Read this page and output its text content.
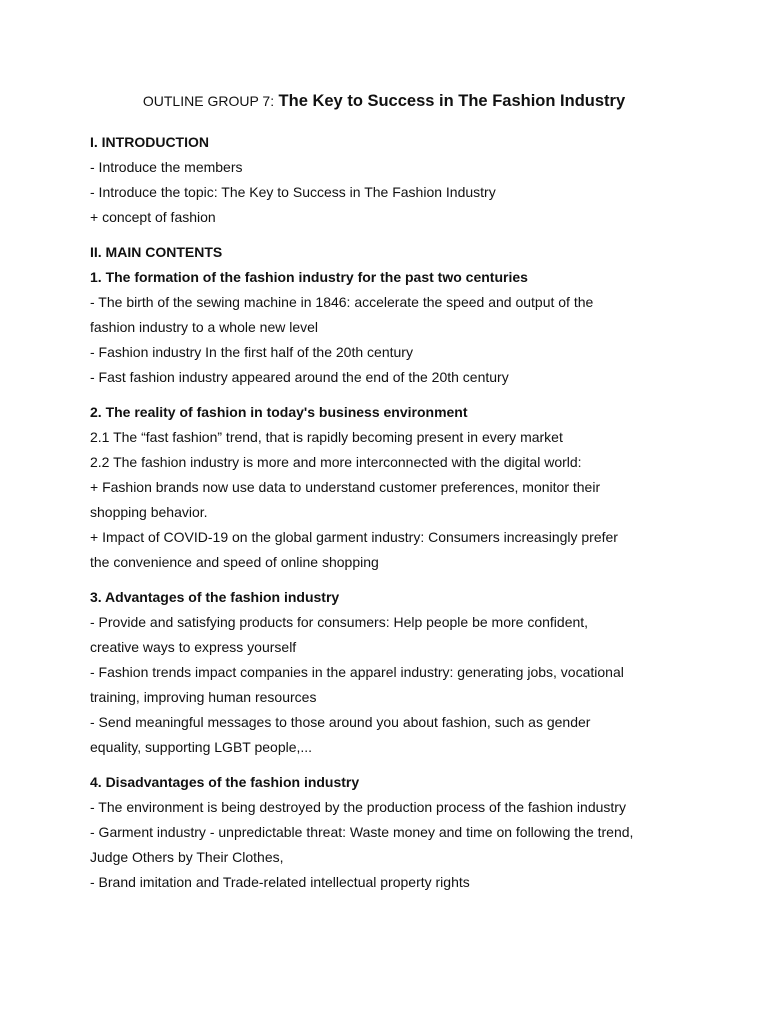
OUTLINE GROUP 7: The Key to Success in The Fashion Industry
I. INTRODUCTION
- Introduce the members
- Introduce the topic: The Key to Success in The Fashion Industry
+ concept of fashion
II. MAIN CONTENTS
1. The formation of the fashion industry for the past two centuries
- The birth of the sewing machine in 1846: accelerate the speed and output of the
fashion industry to a whole new level
- Fashion industry In the first half of the 20th century
- Fast fashion industry appeared around the end of the 20th century
2. The reality of fashion in today's business environment
2.1 The “fast fashion” trend, that is rapidly becoming present in every market
2.2 The fashion industry is more and more interconnected with the digital world:
+ Fashion brands now use data to understand customer preferences, monitor their
shopping behavior.
+ Impact of COVID-19 on the global garment industry: Consumers increasingly prefer
the convenience and speed of online shopping
3. Advantages of the fashion industry
- Provide and satisfying products for consumers: Help people be more confident,
creative ways to express yourself
- Fashion trends impact companies in the apparel industry: generating jobs, vocational
training, improving human resources
- Send meaningful messages to those around you about fashion, such as gender
equality, supporting LGBT people,...
4. Disadvantages of the fashion industry
- The environment is being destroyed by the production process of the fashion industry
- Garment industry - unpredictable threat: Waste money and time on following the trend,
Judge Others by Their Clothes,
- Brand imitation and Trade-related intellectual property rights
